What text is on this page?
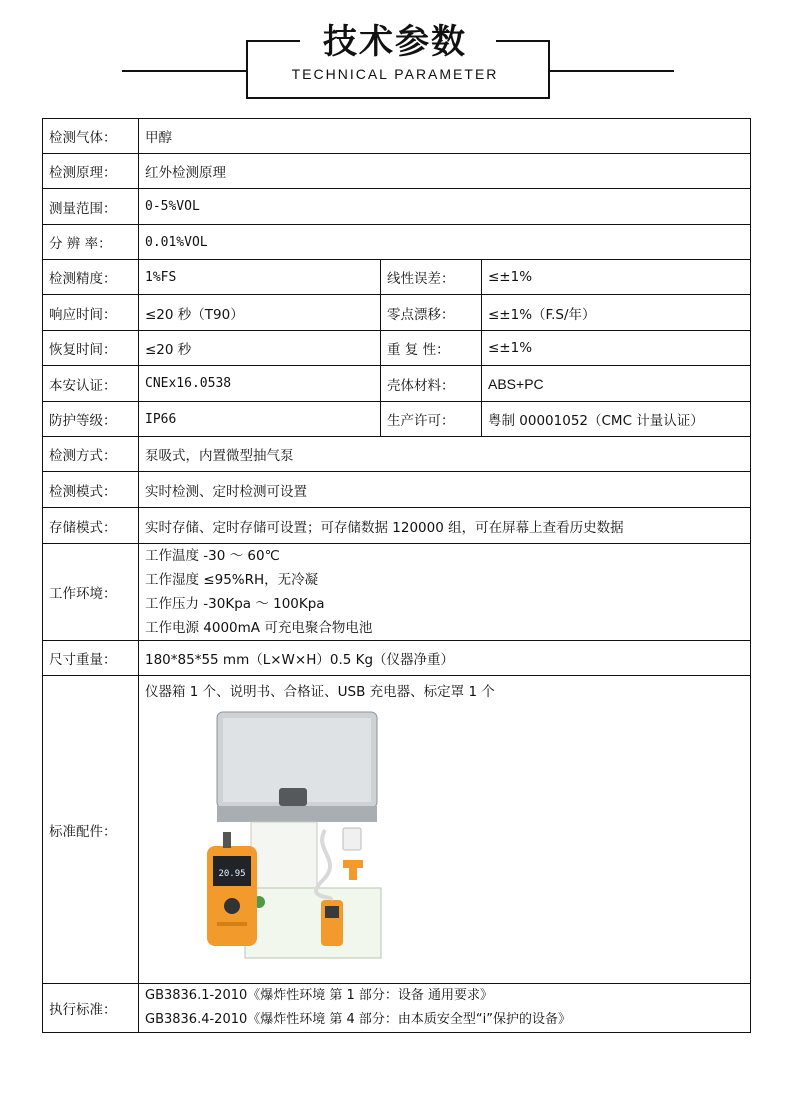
技术参数
TECHNICAL PARAMETER
检测气体：	甲醇		
检测原理：	红外检测原理		
测量范围：	0-5%VOL		
分 辨 率：	0.01%VOL		
检测精度：	1%FS	线性误差：	≤±1%
响应时间：	≤20 秒（T90）	零点漂移：	≤±1%（F.S/年）
恢复时间：	≤20 秒	重 复 性：	≤±1%
本安认证：	CNEx16.0538	壳体材料：	ABS+PC
防护等级：	IP66	生产许可：	粤制 00001052（CMC 计量认证）
检测方式：	泵吸式，内置微型抽气泵		
检测模式：	实时检测、定时检测可设置		
存储模式：	实时存储、定时存储可设置；可存储数据 120000 组，可在屏幕上查看历史数据		
工作环境：	工作温度 -30 ～ 60℃
工作湿度 ≤95%RH，无冷凝
工作压力 -30Kpa ～ 100Kpa
工作电源 4000mA 可充电聚合物电池		

尺寸重量：	180*85*55 mm（L×W×H）0.5 Kg（仪器净重）		
标准配件：	仪器箱 1 个、说明书、合格证、USB 充电器、标定罩 1 个
20.95		

执行标准：	GB3836.1-2010《爆炸性环境 第 1 部分：设备 通用要求》
GB3836.4-2010《爆炸性环境 第 4 部分：由本质安全型“i”保护的设备》		
